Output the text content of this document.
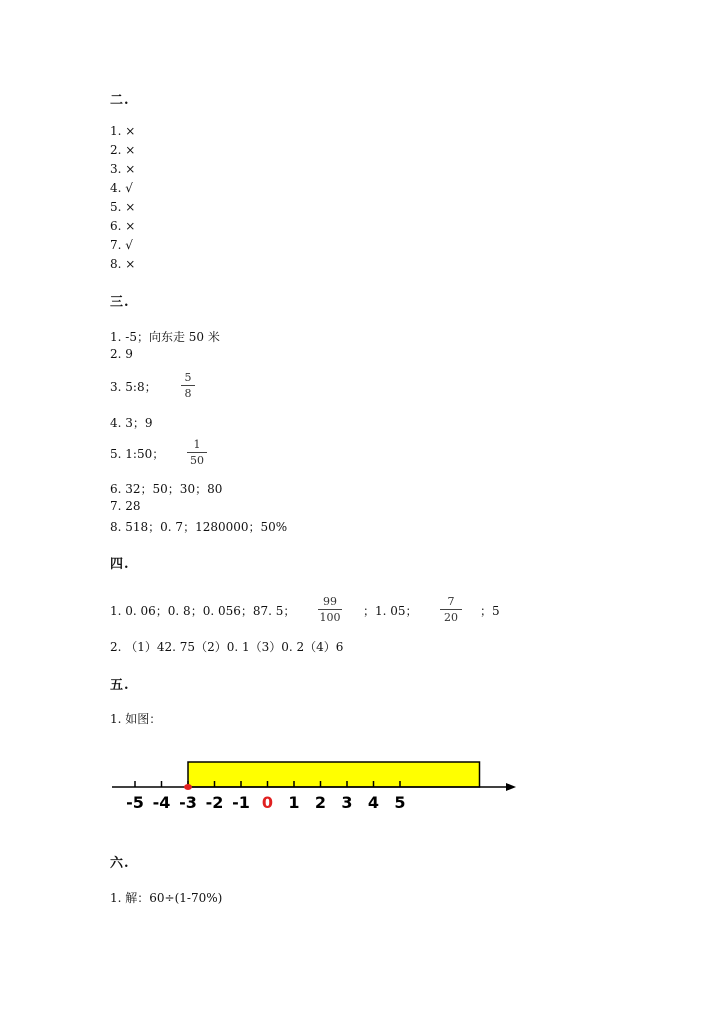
二.
1. ×
2. ×
3. ×
4. √
5. ×
6. ×
7. √
8. ×
三.
1. -5；向东走 50 米
2. 9
3. 5:8；
5
8
4. 3；9
5. 1:50；
1
50
6. 32；50；30；80
7. 28
8. 518；0. 7；1280000；50%
四.
1. 0. 06；0. 8；0. 056；87. 5；
99
100 ；1. 05；
7
20 ；5
2. （1）42. 75（2）0. 1（3）0. 2（4）6
五.
1. 如图：
-5 -4 -3 -2 -1 0 1 2 3 4 5
六.
1. 解：60÷(1-70%)
